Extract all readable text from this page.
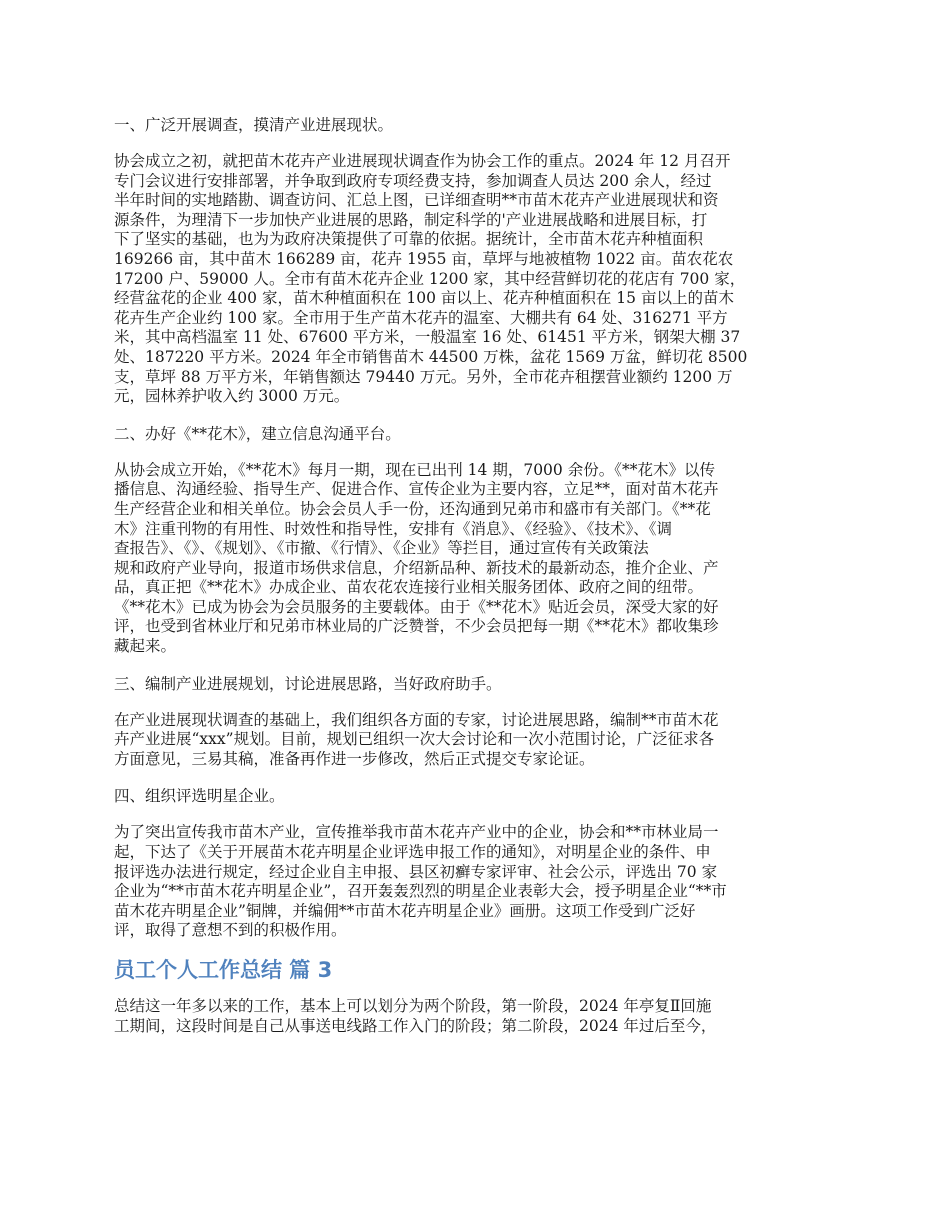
一、广泛开展调查，摸清产业进展现状。
协会成立之初，就把苗木花卉产业进展现状调查作为协会工作的重点。2024 年 12 月召开
专门会议进行安排部署，并争取到政府专项经费支持，参加调查人员达 200 余人，经过
半年时间的实地踏勘、调查访问、汇总上图，已详细查明**市苗木花卉产业进展现状和资
源条件，为理清下一步加快产业进展的思路，制定科学的'产业进展战略和进展目标，打
下了坚实的基础，也为为政府决策提供了可靠的依据。据统计，全市苗木花卉种植面积
169266 亩，其中苗木 166289 亩，花卉 1955 亩，草坪与地被植物 1022 亩。苗农花农
17200 户、59000 人。全市有苗木花卉企业 1200 家，其中经营鲜切花的花店有 700 家，
经营盆花的企业 400 家，苗木种植面积在 100 亩以上、花卉种植面积在 15 亩以上的苗木
花卉生产企业约 100 家。全市用于生产苗木花卉的温室、大棚共有 64 处、316271 平方
米，其中高档温室 11 处、67600 平方米，一般温室 16 处、61451 平方米，钢架大棚 37
处、187220 平方米。2024 年全市销售苗木 44500 万株，盆花 1569 万盆，鲜切花 8500
支，草坪 88 万平方米，年销售额达 79440 万元。另外，全市花卉租摆营业额约 1200 万
元，园林养护收入约 3000 万元。
二、办好《**花木》，建立信息沟通平台。
从协会成立开始，《**花木》每月一期，现在已出刊 14 期，7000 余份。《**花木》以传
播信息、沟通经验、指导生产、促进合作、宣传企业为主要内容，立足**，面对苗木花卉
生产经营企业和相关单位。协会会员人手一份，还沟通到兄弟市和盛市有关部门。《**花
木》注重刊物的有用性、时效性和指导性，安排有《消息》、《经验》、《技术》、《调
查报告》、《》、《规划》、《市撤、《行情》、《企业》等拦目，通过宣传有关政策法
规和政府产业导向，报道市场供求信息，介绍新品种、新技术的最新动态，推介企业、产
品，真正把《**花木》办成企业、苗农花农连接行业相关服务团体、政府之间的纽带。
《**花木》已成为协会为会员服务的主要载体。由于《**花木》贴近会员，深受大家的好
评，也受到省林业厅和兄弟市林业局的广泛赞誉，不少会员把每一期《**花木》都收集珍
藏起来。
三、编制产业进展规划，讨论进展思路，当好政府助手。
在产业进展现状调查的基础上，我们组织各方面的专家，讨论进展思路，编制**市苗木花
卉产业进展“xxx”规划。目前，规划已组织一次大会讨论和一次小范围讨论，广泛征求各
方面意见，三易其稿，准备再作进一步修改，然后正式提交专家论证。
四、组织评选明星企业。
为了突出宣传我市苗木产业，宣传推举我市苗木花卉产业中的企业，协会和**市林业局一
起，下达了《关于开展苗木花卉明星企业评选申报工作的通知》，对明星企业的条件、申
报评选办法进行规定，经过企业自主申报、县区初癣专家评审、社会公示，评选出 70 家
企业为“**市苗木花卉明星企业”，召开轰轰烈烈的明星企业表彰大会，授予明星企业“**市
苗木花卉明星企业”铜牌，并编佣**市苗木花卉明星企业》画册。这项工作受到广泛好
评，取得了意想不到的积极作用。
员工个人工作总结 篇 3
总结这一年多以来的工作，基本上可以划分为两个阶段，第一阶段，2024 年亭复Ⅱ回施
工期间，这段时间是自己从事送电线路工作入门的阶段；第二阶段，2024 年过后至今，
